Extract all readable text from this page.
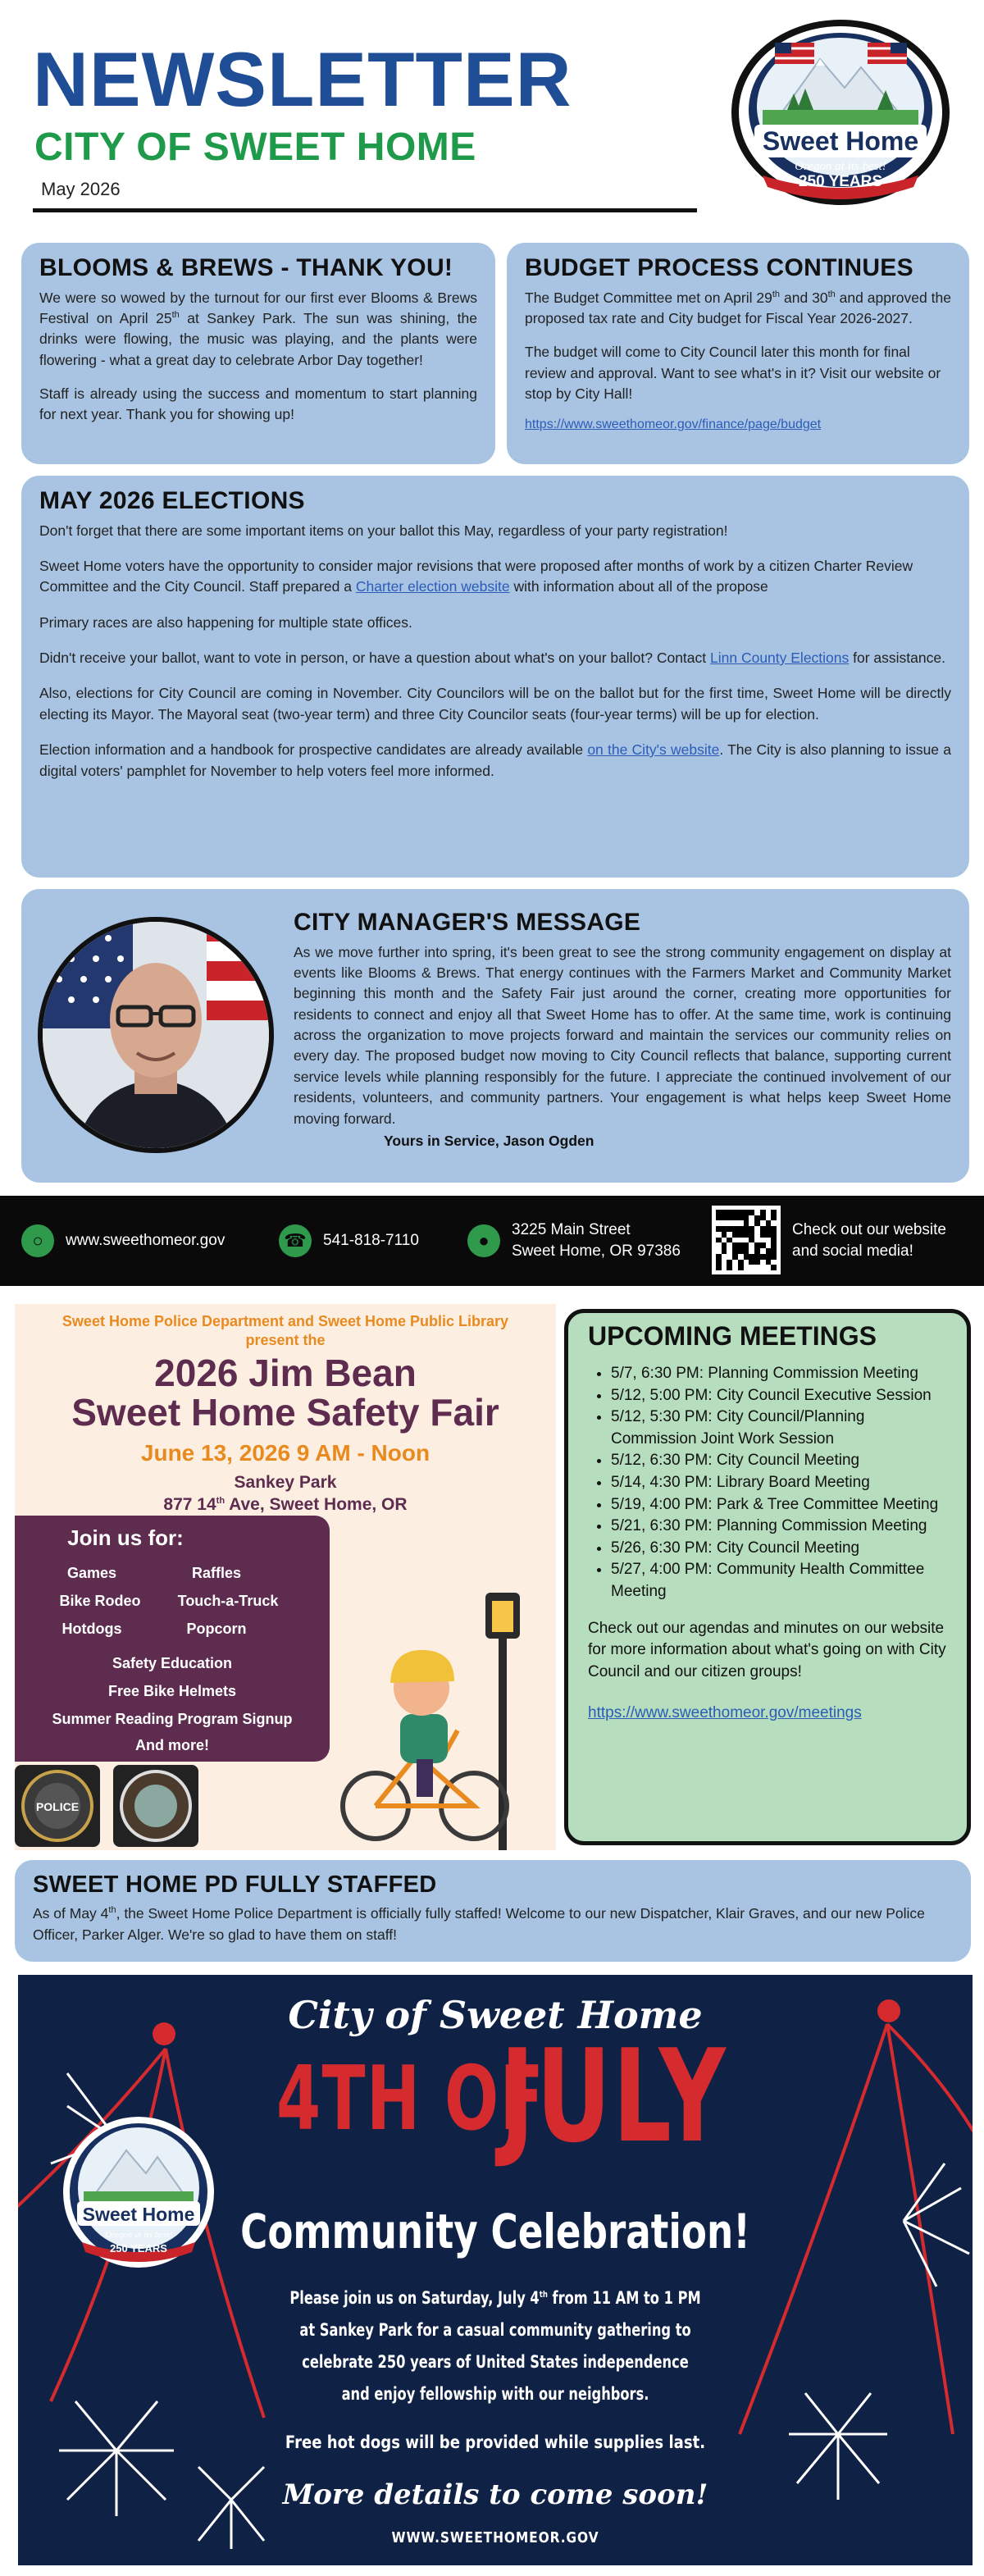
NEWSLETTER
CITY OF SWEET HOME
May 2026
Sweet Home
Oregon at its best!
250 YEARS
BLOOMS & BREWS - THANK YOU!

We were so wowed by the turnout for our first ever Blooms & Brews Festival on April 25th at Sankey Park. The sun was shining, the drinks were flowing, the music was playing, and the plants were flowering - what a great day to celebrate Arbor Day together!

Staff is already using the success and momentum to start planning for next year. Thank you for showing up!

BUDGET PROCESS CONTINUES

The Budget Committee met on April 29th and 30th and approved the proposed tax rate and City budget for Fiscal Year 2026-2027.

The budget will come to City Council later this month for final review and approval. Want to see what's in it? Visit our website or stop by City Hall!

https://www.sweethomeor.gov/finance/page/budget
MAY 2026 ELECTIONS

Don't forget that there are some important items on your ballot this May, regardless of your party registration!

Sweet Home voters have the opportunity to consider major revisions that were proposed after months of work by a citizen Charter Review Committee and the City Council. Staff prepared a Charter election website with information about all of the propose

Primary races are also happening for multiple state offices.

Didn't receive your ballot, want to vote in person, or have a question about what's on your ballot? Contact Linn County Elections for assistance.

Also, elections for City Council are coming in November. City Councilors will be on the ballot but for the first time, Sweet Home will be directly electing its Mayor. The Mayoral seat (two-year term) and three City Councilor seats (four-year terms) will be up for election.

Election information and a handbook for prospective candidates are already available on the City's website. The City is also planning to issue a digital voters' pamphlet for November to help voters feel more informed.

CITY MANAGER'S MESSAGE

As we move further into spring, it's been great to see the strong community engagement on display at events like Blooms & Brews. That energy continues with the Farmers Market and Community Market beginning this month and the Safety Fair just around the corner, creating more opportunities for residents to connect and enjoy all that Sweet Home has to offer. At the same time, work is continuing across the organization to move projects forward and maintain the services our community relies on every day. The proposed budget now moving to City Council reflects that balance, supporting current service levels while planning responsibly for the future. I appreciate the continued involvement of our residents, volunteers, and community partners. Your engagement is what helps keep Sweet Home moving forward.

Yours in Service, Jason Ogden
○	www.sweethomeor.gov	☎	541-818-7110	●
3225 Main Street
Sweet Home, OR 97386
Check out our website
and social media!
Sweet Home Police Department and Sweet Home Public Library
present the
2026 Jim Bean
Sweet Home Safety Fair
June 13, 2026 9 AM - Noon
Sankey Park
877 14th Ave, Sweet Home, OR
Join us for:
Games	Raffles
Bike Rodeo	Touch-a-Truck
Hotdogs	Popcorn
Safety Education
Free Bike Helmets
Summer Reading Program Signup
And more!
POLICE
UPCOMING MEETINGS
• 5/7, 6:30 PM: Planning Commission Meeting
• 5/12, 5:00 PM: City Council Executive Session
• 5/12, 5:30 PM: City Council/Planning Commission Joint Work Session
• 5/12, 6:30 PM: City Council Meeting
• 5/14, 4:30 PM: Library Board Meeting
• 5/19, 4:00 PM: Park & Tree Committee Meeting
• 5/21, 6:30 PM: Planning Commission Meeting
• 5/26, 6:30 PM: City Council Meeting
• 5/27, 4:00 PM: Community Health Committee Meeting

Check out our agendas and minutes on our website for more information about what's going on with City Council and our citizen groups!

https://www.sweethomeor.gov/meetings
SWEET HOME PD FULLY STAFFED

As of May 4th, the Sweet Home Police Department is officially fully staffed! Welcome to our new Dispatcher, Klair Graves, and our new Police Officer, Parker Alger. We're so glad to have them on staff!

City of Sweet Home
4TH OF
JULY
Community Celebration!
Please join us on Saturday, July 4th from 11 AM to 1 PM
at Sankey Park for a casual community gathering to
celebrate 250 years of United States independence
and enjoy fellowship with our neighbors.
Free hot dogs will be provided while supplies last.
More details to come soon!
WWW.SWEETHOMEOR.GOV
Sweet Home
Oregon at its best!
250 YEARS
